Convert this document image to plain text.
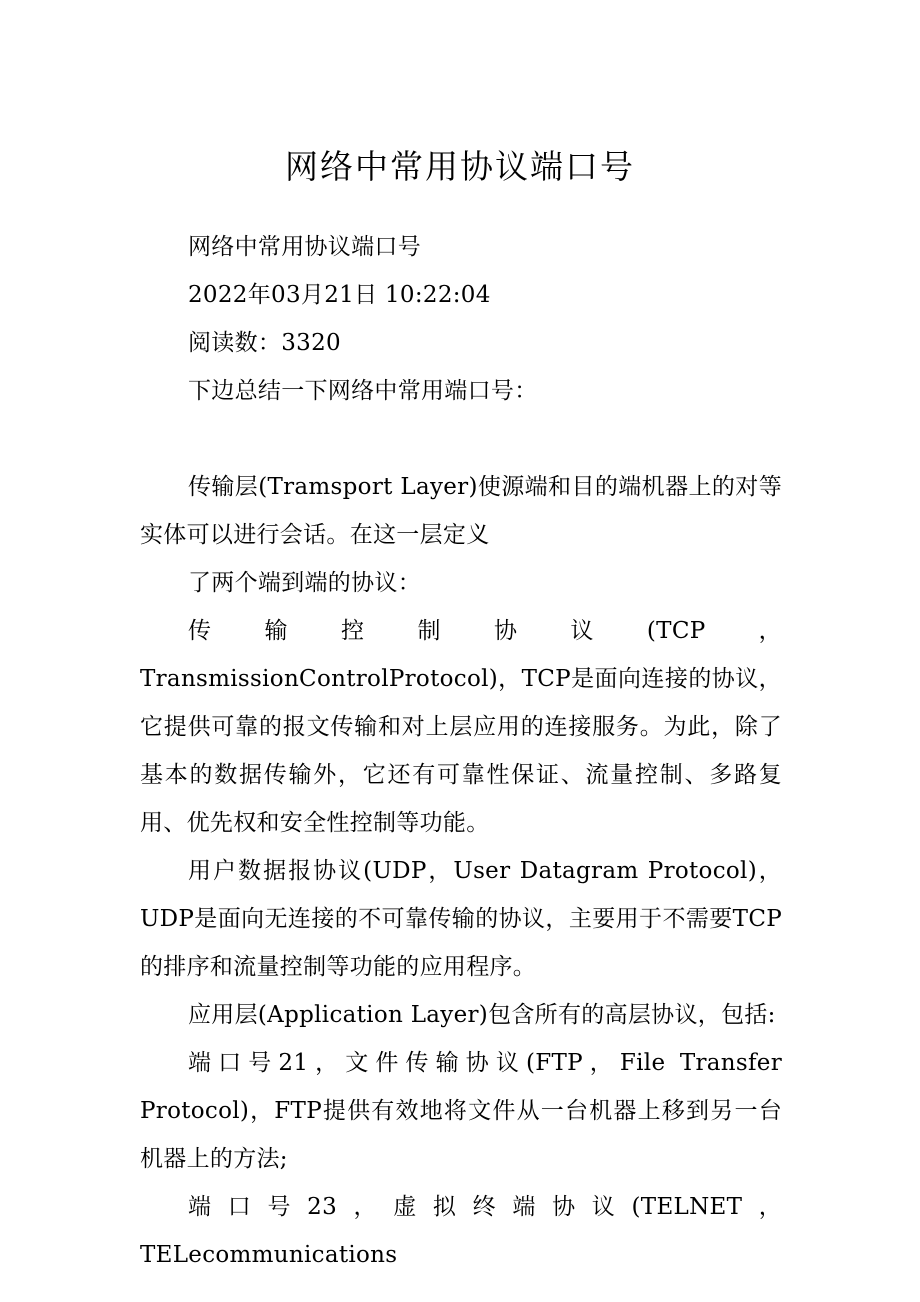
网络中常用协议端口号

网络中常用协议端口号

2022年03月21日 10:22:04

阅读数：3320

下边总结一下网络中常用端口号：

传输层(Tramsport Layer)使源端和目的端机器上的对等实体可以进行会话。在这一层定义

了两个端到端的协议：

传输控制协议(TCP，TransmissionControlProtocol)，TCP是面向连接的协议，它提供可靠的报文传输和对上层应用的连接服务。为此，除了基本的数据传输外，它还有可靠性保证、流量控制、多路复用、优先权和安全性控制等功能。

用户数据报协议(UDP，User Datagram Protocol)，UDP是面向无连接的不可靠传输的协议，主要用于不需要TCP的排序和流量控制等功能的应用程序。

应用层(Application Layer)包含所有的高层协议，包括:

端口号21，文件传输协议(FTP，File Transfer Protocol)，FTP提供有效地将文件从一台机器上移到另一台机器上的方法;

端口号23，虚拟终端协议(TELNET，TELecommunications
